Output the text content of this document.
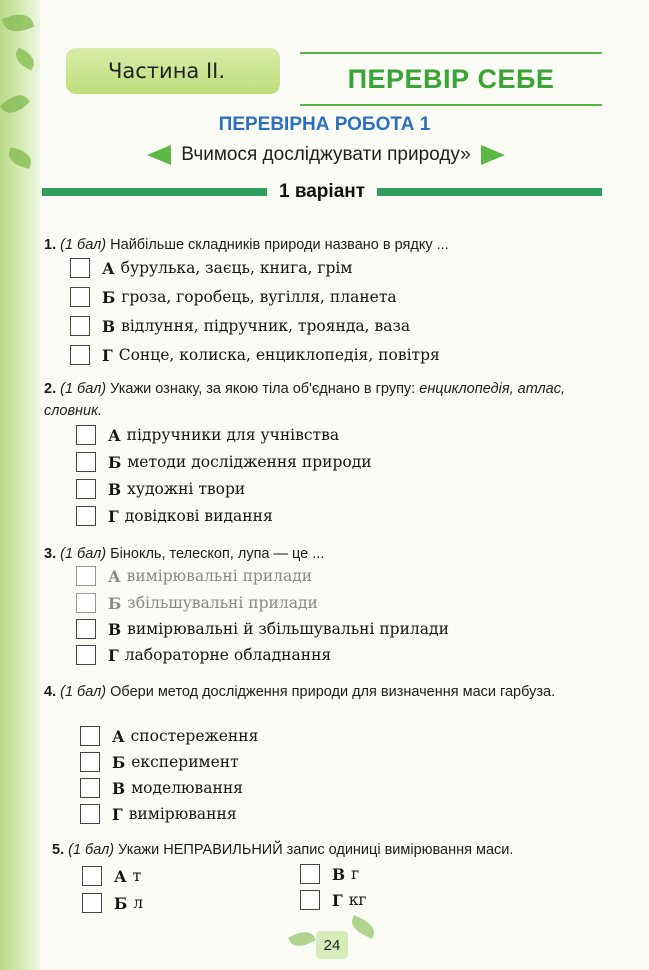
Частина ІІ.	ПЕРЕВІР СЕБЕ
ПЕРЕВІРНА РОБОТА 1
Вчимося досліджувати природу»
1 варіант
1. (1 бал) Найбільше складників природи названо в рядку ...
А бурулька, заєць, книга, грім
Б гроза, горобець, вугілля, планета
В відлуння, підручник, троянда, ваза
Г Сонце, колиска, енциклопедія, повітря
2. (1 бал) Укажи ознаку, за якою тіла об'єднано в групу: енциклопедія, атлас, словник.
А підручники для учнівства
Б методи дослідження природи
В художні твори
Г довідкові видання
3. (1 бал) Бінокль, телескоп, лупа — це ...
А вимірювальні прилади
Б збільшувальні прилади
В вимірювальні й збільшувальні прилади
Г лабораторне обладнання
4. (1 бал) Обери метод дослідження природи для визначення маси гарбуза.
А спостереження
Б експеримент
В моделювання
Г вимірювання
5. (1 бал) Укажи НЕПРАВИЛЬНИЙ запис одиниці вимірювання маси.
А т
Б л
В г
Г кг
24
